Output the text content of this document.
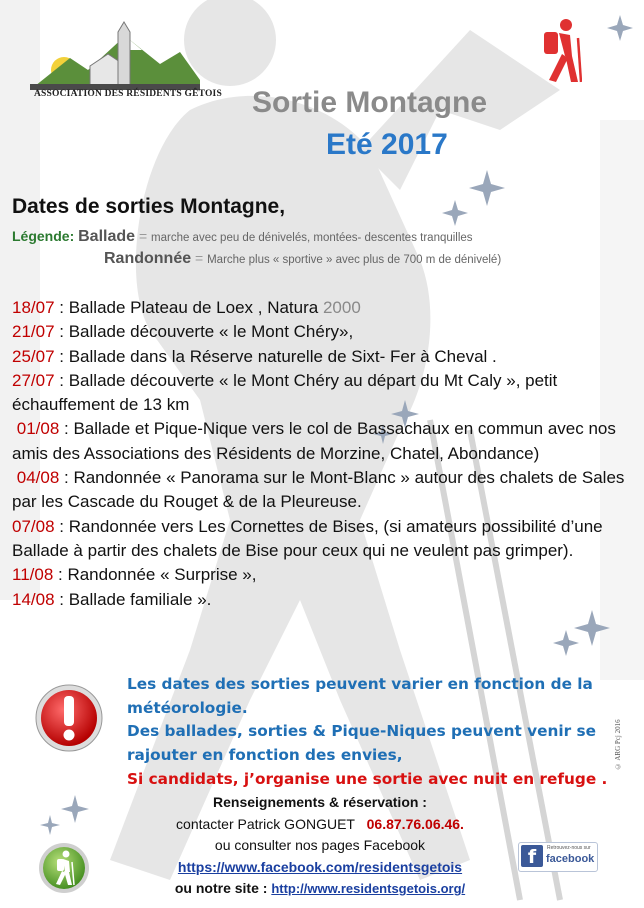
ASSOCIATION DES RÉSIDENTS GÊTOIS Sortie Montagne
Eté 2017
Dates de sorties Montagne,
Légende: Ballade = marche avec peu de dénivelés, montées- descentes tranquilles
Randonnée = Marche plus « sportive » avec plus de 700 m de dénivelé)

18/07 : Ballade Plateau de Loex , Natura 2000

21/07 : Ballade découverte « le Mont Chéry»,

25/07 : Ballade dans la Réserve naturelle de Sixt- Fer à Cheval .

27/07 : Ballade découverte « le Mont Chéry au départ du Mt Caly », petit échauffement de 13 km

01/08 : Ballade et Pique-Nique vers le col de Bassachaux en commun avec nos amis des Associations des Résidents de Morzine, Chatel, Abondance)

04/08 : Randonnée « Panorama sur le Mont-Blanc » autour des chalets de Sales par les Cascade du Rouget & de la Pleureuse.

07/08 : Randonnée vers Les Cornettes de Bises, (si amateurs possibilité d’une Ballade à partir des chalets de Bise pour ceux qui ne veulent pas grimper).

11/08 : Randonnée « Surprise »,

14/08 : Ballade familiale ».

Les dates des sorties peuvent varier en fonction de la météorologie.

Des ballades, sorties & Pique-Niques peuvent venir se rajouter en fonction des envies,

Si candidats, j’organise une sortie avec nuit en refuge .

© ARG Pcj 2016

Renseignements & réservation :

contacter Patrick GONGUET 06.87.76.06.46.

ou consulter nos pages Facebook

https://www.facebook.com/residentsgetois

ou notre site : http://www.residentsgetois.org/

f	Retrouvez-nous sur
facebook
